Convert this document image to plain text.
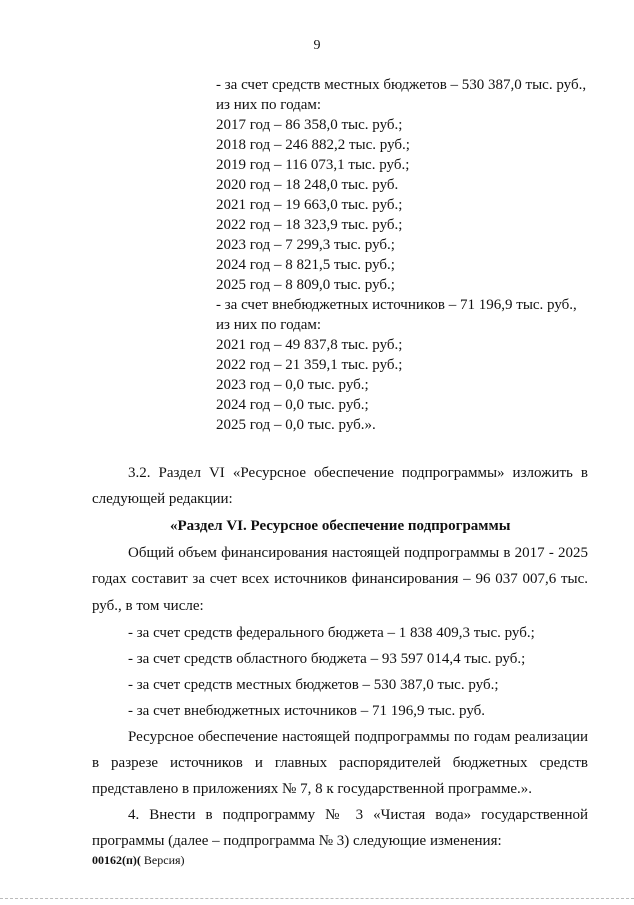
9
- за счет средств местных бюджетов – 530 387,0 тыс. руб.,
из них по годам:
2017 год – 86 358,0 тыс. руб.;
2018 год – 246 882,2 тыс. руб.;
2019 год – 116 073,1 тыс. руб.;
2020 год – 18 248,0 тыс. руб.
2021 год – 19 663,0 тыс. руб.;
2022 год – 18 323,9 тыс. руб.;
2023 год – 7 299,3 тыс. руб.;
2024 год – 8 821,5 тыс. руб.;
2025 год – 8 809,0 тыс. руб.;
- за счет внебюджетных источников – 71 196,9 тыс. руб.,
из них по годам:
2021 год – 49 837,8 тыс. руб.;
2022 год – 21 359,1 тыс. руб.;
2023 год – 0,0 тыс. руб.;
2024 год – 0,0 тыс. руб.;
2025 год – 0,0 тыс. руб.».
3.2. Раздел VI «Ресурсное обеспечение подпрограммы» изложить в
следующей редакции:
«Раздел VI. Ресурсное обеспечение подпрограммы
Общий объем финансирования настоящей подпрограммы в 2017 - 2025
годах составит за счет всех источников финансирования – 96 037 007,6 тыс.
руб., в том числе:
- за счет средств федерального бюджета – 1 838 409,3 тыс. руб.;
- за счет средств областного бюджета – 93 597 014,4 тыс. руб.;
- за счет средств местных бюджетов – 530 387,0 тыс. руб.;
- за счет внебюджетных источников – 71 196,9 тыс. руб.
Ресурсное обеспечение настоящей подпрограммы по годам реализации
в разрезе источников и главных распорядителей бюджетных средств
представлено в приложениях № 7, 8 к государственной программе.».
4. Внести в подпрограмму № 3 «Чистая вода» государственной
программы (далее – подпрограмма № 3) следующие изменения:
00162(п)( Версия)
